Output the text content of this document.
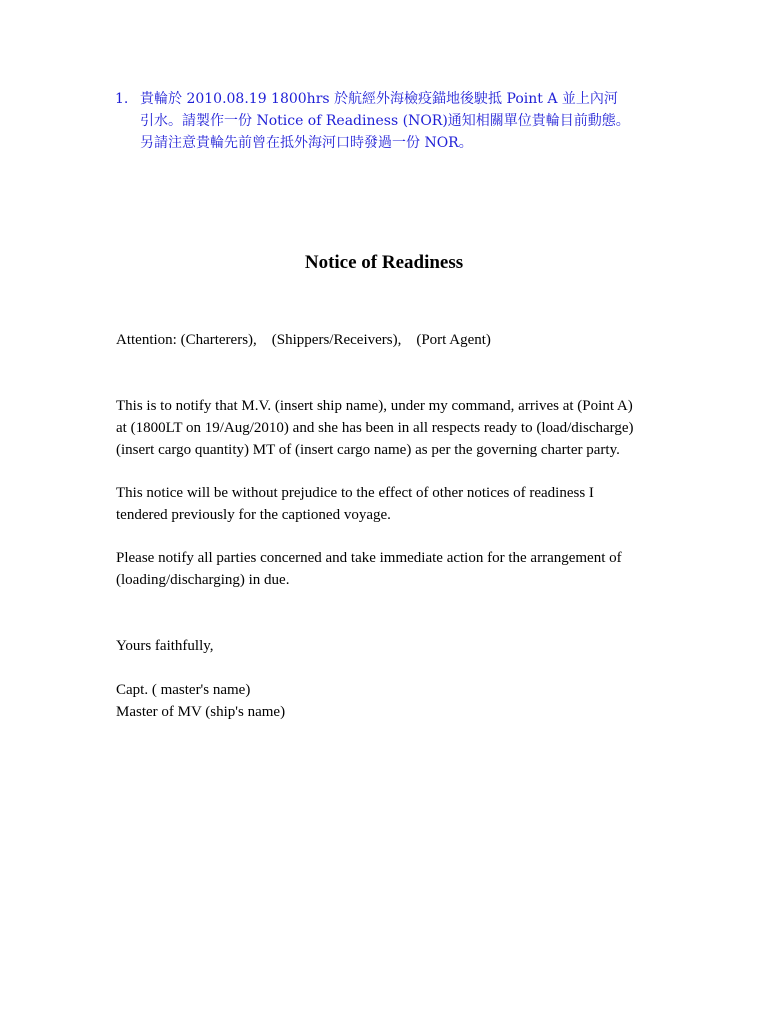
1. 貴輪於 2010.08.19 1800hrs 於航經外海檢疫錨地後駛抵 Point A 並上內河
引水。請製作一份 Notice of Readiness (NOR)通知相關單位貴輪目前動態。
另請注意貴輪先前曾在抵外海河口時發過一份 NOR。
Notice of Readiness
Attention: (Charterers), (Shippers/Receivers), (Port Agent)
This is to notify that M.V. (insert ship name), under my command, arrives at (Point A)
at (1800LT on 19/Aug/2010) and she has been in all respects ready to (load/discharge)
(insert cargo quantity) MT of (insert cargo name) as per the governing charter party.
This notice will be without prejudice to the effect of other notices of readiness I
tendered previously for the captioned voyage.
Please notify all parties concerned and take immediate action for the arrangement of
(loading/discharging) in due.
Yours faithfully,
Capt. ( master's name)
Master of MV (ship's name)
